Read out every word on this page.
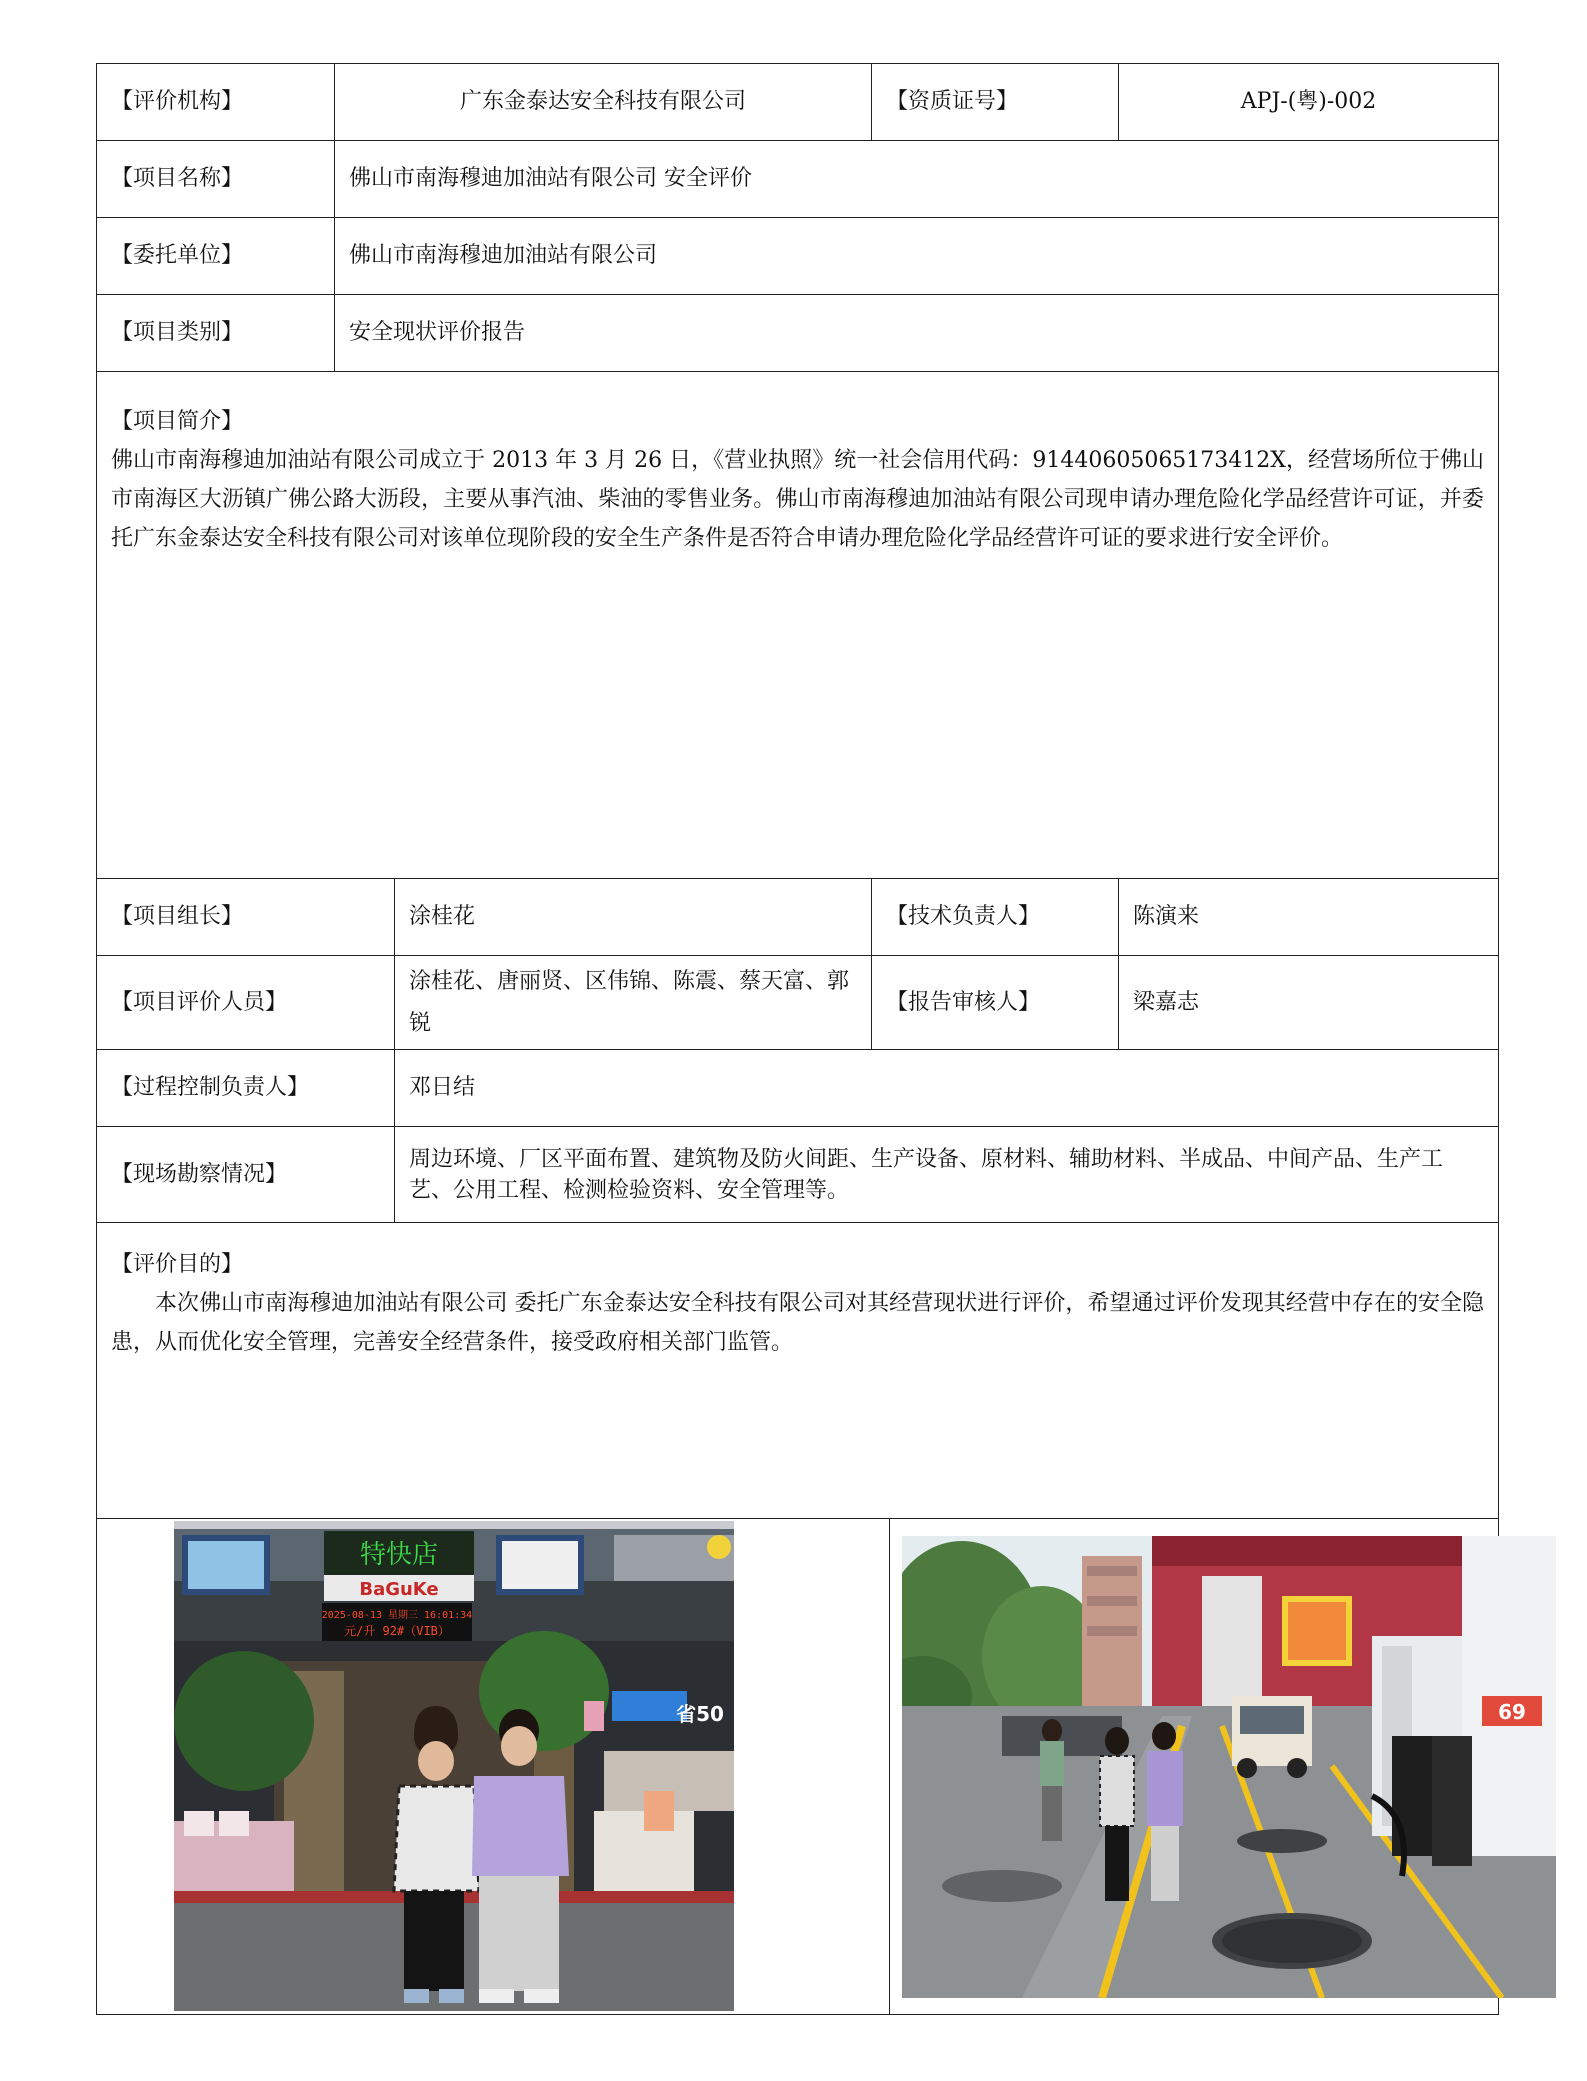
【评价机构】	广东金泰达安全科技有限公司		【资质证号】		APJ-(粤)-002
【项目名称】	佛山市南海穆迪加油站有限公司 安全评价				
【委托单位】	佛山市南海穆迪加油站有限公司				
【项目类别】	安全现状评价报告				

【项目简介】
佛山市南海穆迪加油站有限公司成立于 2013 年 3 月 26 日，《营业执照》统一社会信用代码：91440605065173412X，经营场所位于佛山市南海区大沥镇广佛公路大沥段，主要从事汽油、柴油的零售业务。佛山市南海穆迪加油站有限公司现申请办理危险化学品经营许可证，并委托广东金泰达安全科技有限公司对该单位现阶段的安全生产条件是否符合申请办理危险化学品经营许可证的要求进行安全评价。					

【项目组长】		涂桂花	【技术负责人】		陈演来
【项目评价人员】		涂桂花、唐丽贤、区伟锦、陈震、蔡天富、郭锐	【报告审核人】		梁嘉志
【过程控制负责人】		邓日结			
【现场勘察情况】		周边环境、厂区平面布置、建筑物及防火间距、生产设备、原材料、辅助材料、半成品、中间产品、生产工艺、公用工程、检测检验资料、安全管理等。			

【评价目的】
本次佛山市南海穆迪加油站有限公司 委托广东金泰达安全科技有限公司对其经营现状进行评价，希望通过评价发现其经营中存在的安全隐患，从而优化安全管理，完善安全经营条件，接受政府相关部门监管。					

特快店
BaGuKe
2025-08-13 星期三 16:01:34
元/升 92#（VIB）
省50				69	
